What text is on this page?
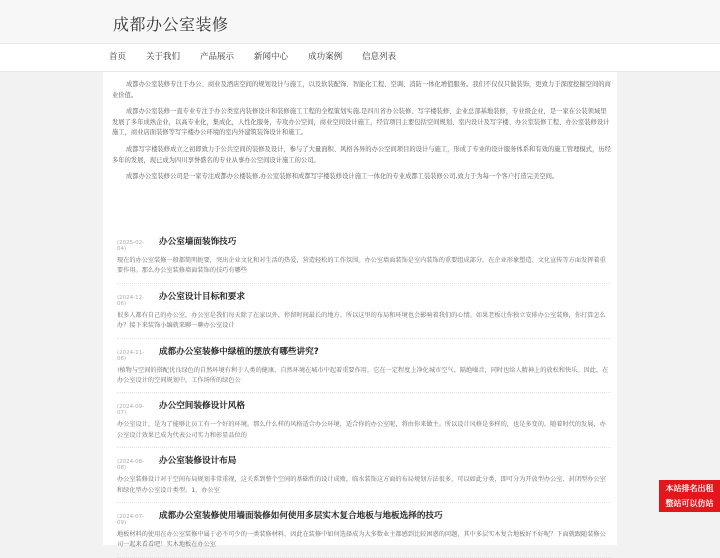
成都办公室装修
首页 关于我们 产品展示 新闻中心 成功案例 信息列表

成都办公室装修专注于办公、商业及酒店空间的规划设计与施工，以及软装配饰、智能化工程、空调、消防一体化增值服务。我们不仅仅只做装饰，更致力于深度挖掘空间的商业价值。

成都办公室装修一直专业专注于办公类室内装修设计和装修施工工程的全程策划实施,是四川省办公装修、写字楼装修、企业总部基地装修，专业级企业，是一家在公装领域里发展了多年成熟企业，以高专业化，集成化，人性化服务，专攻办公空间，商业空间设计施工，经营项目主要包括空间规划、室内设计及写字楼、办公室装修工程、办公室装修设计施工，商业店面装修等写字楼办公环境的室内外建筑装饰设计和施工。

成都写字楼装修成立之初即致力于公共空间的装修及设计，参与了大量面积、风格各异的办公空间项目的设计与施工，形成了专业的设计服务体系和有效的施工管理模式，历经多年的发展，现已成为四川享誉盛名的专业从事办公空间设计施工的公司。

成都办公室装修公司是一家专注成都办公楼装修,办公室装修和成都写字楼装修设计施工一体化的专业成都工装装修公司,致力于为每一个客户打造完美空间。

(2025-02-04)
办公室墙面装饰技巧
现在的办公室装修一般都简明扼要，突出企业文化和对生活的热爱，营造轻松的工作氛围。办公室墙面装饰是室内装饰的重要组成部分，在企业形象塑造、文化宣传等方面发挥着重要作用。那么办公室装修墙面装饰的技巧有哪些
(2024-12-06)
办公室设计目标和要求
很多人都有自己的办公室，办公室是我们每天除了在家以外，停留时间最长的地方。所以这里的布局和环境也会影响着我们的心情。如果老板让你独立安排办公室装修，你打算怎么办？接下来装饰小编就来聊一聊办公室设计
(2024-11-06)
成都办公室装修中绿植的摆放有哪些讲究?
!植物与空间的搭配优良绿色的自然环境有利于人类的健康，自然环境在城市中起着重要作用，它在一定程度上净化城市空气、隔绝噪音，同时也给人精神上的放松和快乐。因此，在办公室设计的空间规划中，工作场所的绿色公
(2024-09-07)
办公空间装修设计风格
办公室设计，是为了能够让员工有一个好的环境。那么什么样的风格适合办公环境，适合你的办公室呢，将由你来做主。所以设计风格是多样的，也是多变的。随着时代的发展，办公室设计效果已成为代表公司实力和彰显品位的
(2024-08-08)
办公室装修设计布局
办公室装修设计对于空间布局规划非常重视，这关系到整个空间的基础性的设计成败，临水装饰这方面的布局规划方法很多，可以如此分类，即可分为开放型办公室、封闭型办公室和绿化型办公室设计类型。1、办公室
(2024-07-09)
成都办公室装修使用墙面装修如何使用多层实木复合地板与地板选择的技巧
地板材料的使用在办公室装修中属于必不可少的一类装修材料，因此在装修中如何选择成为大多数业主都感到比较困惑的问题，其中多层实木复合地板好不好呢？下面就跟随装修公司一起来看看吧！实木地板在办公室
本站排名出租
整站可以仿站
